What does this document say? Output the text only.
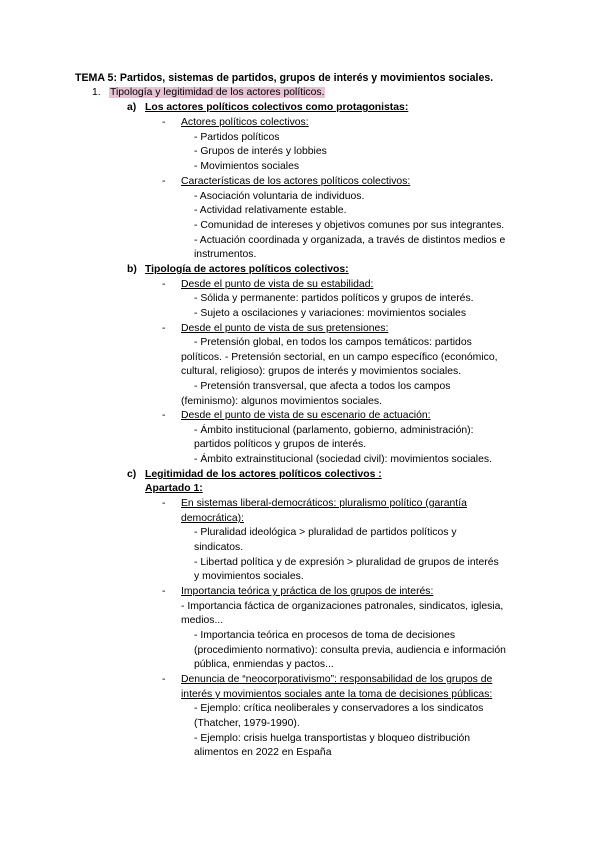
TEMA 5: Partidos, sistemas de partidos, grupos de interés y movimientos sociales.
1. Tipología y legitimidad de los actores políticos.
a) Los actores políticos colectivos como protagonistas:
- Actores políticos colectivos:
- Partidos políticos
- Grupos de interés y lobbies
- Movimientos sociales
- Características de los actores políticos colectivos:
- Asociación voluntaria de individuos.
- Actividad relativamente estable.
- Comunidad de intereses y objetivos comunes por sus integrantes.
- Actuación coordinada y organizada, a través de distintos medios e
instrumentos.
b) Tipología de actores políticos colectivos:
- Desde el punto de vista de su estabilidad:
- Sólida y permanente: partidos políticos y grupos de interés.
- Sujeto a oscilaciones y variaciones: movimientos sociales
- Desde el punto de vista de sus pretensiones:
- Pretensión global, en todos los campos temáticos: partidos
políticos. - Pretensión sectorial, en un campo específico (económico,
cultural, religioso): grupos de interés y movimientos sociales.
- Pretensión transversal, que afecta a todos los campos
(feminismo): algunos movimientos sociales.
- Desde el punto de vista de su escenario de actuación:
- Ámbito institucional (parlamento, gobierno, administración):
partidos políticos y grupos de interés.
- Ámbito extrainstitucional (sociedad civil): movimientos sociales.
c) Legitimidad de los actores políticos colectivos :
Apartado 1:
- En sistemas liberal-democráticos: pluralismo político (garantía
democrática):
- Pluralidad ideológica > pluralidad de partidos políticos y
sindicatos.
- Libertad política y de expresión > pluralidad de grupos de interés
y movimientos sociales.
- Importancia teórica y práctica de los grupos de interés:
- Importancia fáctica de organizaciones patronales, sindicatos, iglesia,
medios...
- Importancia teórica en procesos de toma de decisiones
(procedimiento normativo): consulta previa, audiencia e información
pública, enmiendas y pactos...
- Denuncia de “neocorporativismo”: responsabilidad de los grupos de
interés y movimientos sociales ante la toma de decisiones públicas:
- Ejemplo: crítica neoliberales y conservadores a los sindicatos
(Thatcher, 1979-1990).
- Ejemplo: crisis huelga transportistas y bloqueo distribución
alimentos en 2022 en España
